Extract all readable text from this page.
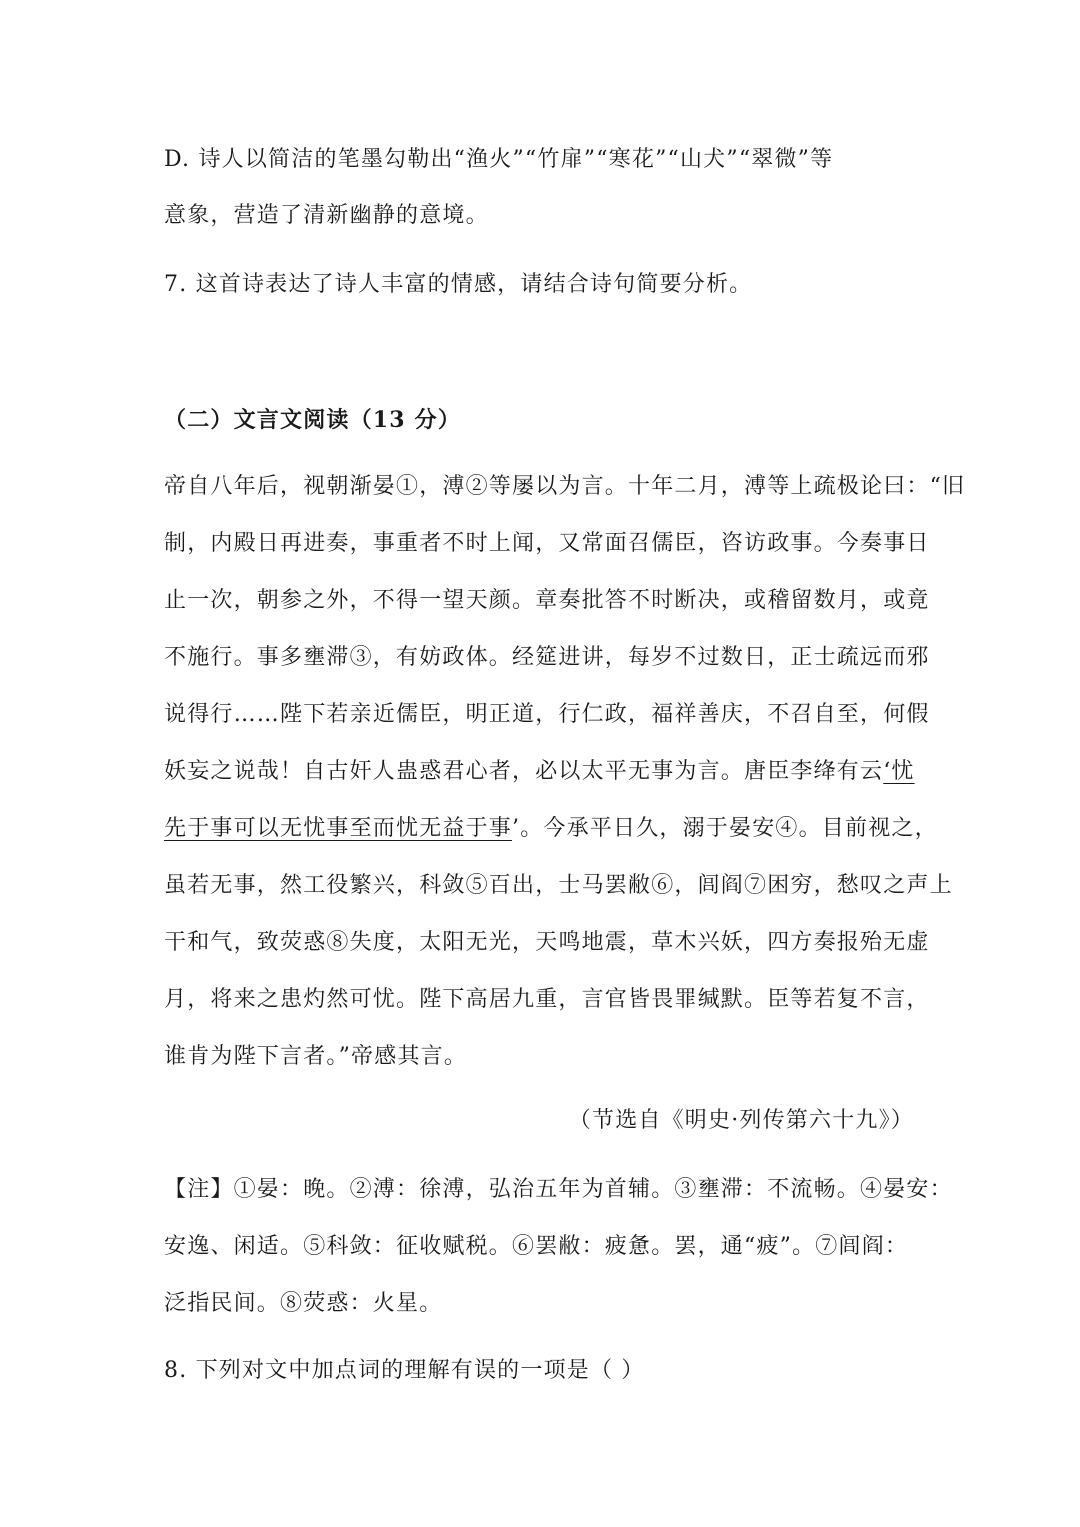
D. 诗人以简洁的笔墨勾勒出“渔火”“竹扉”“寒花”“山犬”“翠微”等
意象，营造了清新幽静的意境。
7. 这首诗表达了诗人丰富的情感，请结合诗句简要分析。
（二）文言文阅读（13 分）
帝自八年后，视朝渐晏①，溥②等屡以为言。十年二月，溥等上疏极论曰：“旧
制，内殿日再进奏，事重者不时上闻，又常面召儒臣，咨访政事。今奏事日
止一次，朝参之外，不得一望天颜。章奏批答不时断决，或稽留数月，或竟
不施行。事多壅滞③，有妨政体。经筵进讲，每岁不过数日，正士疏远而邪
说得行……陛下若亲近儒臣，明正道，行仁政，福祥善庆，不召自至，何假
妖妄之说哉！自古奸人蛊惑君心者，必以太平无事为言。唐臣李绛有云‘忧
先于事可以无忧事至而忧无益于事’。今承平日久，溺于晏安④。目前视之，
虽若无事，然工役繁兴，科敛⑤百出，士马罢敝⑥，闾阎⑦困穷，愁叹之声上
干和气，致荧惑⑧失度，太阳无光，天鸣地震，草木兴妖，四方奏报殆无虚
月，将来之患灼然可忧。陛下高居九重，言官皆畏罪缄默。臣等若复不言，
谁肯为陛下言者。”帝感其言。
（节选自《明史·列传第六十九》）
【注】①晏：晚。②溥：徐溥，弘治五年为首辅。③壅滞：不流畅。④晏安：
安逸、闲适。⑤科敛：征收赋税。⑥罢敝：疲惫。罢，通“疲”。⑦闾阎：
泛指民间。⑧荧惑：火星。
8. 下列对文中加点词的理解有误的一项是（ ）
